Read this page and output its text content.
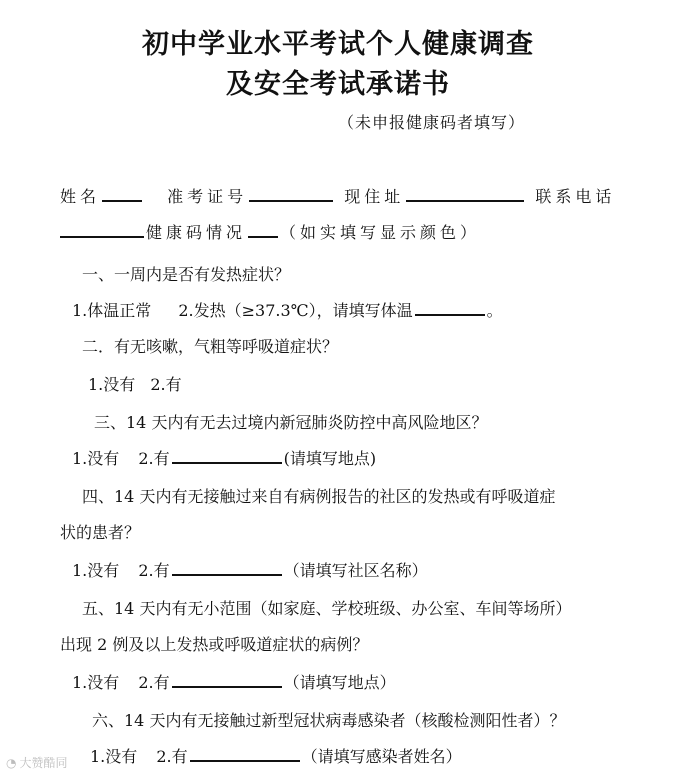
初中学业水平考试个人健康调查
及安全考试承诺书
（未申报健康码者填写）
姓名	准考证号	现住址	联系电话
健康码情况 （如实填写显示颜色）
一、一周内是否有发热症状？
1.体温正常 2.发热（≥37.3℃），请填写体温	。
二．有无咳嗽，气粗等呼吸道症状？
1.没有 2.有
三、14 天内有无去过境内新冠肺炎防控中高风险地区？
1.没有 2.有	(请填写地点)
四、14 天内有无接触过来自有病例报告的社区的发热或有呼吸道症
状的患者？
1.没有 2.有	（请填写社区名称）
五、14 天内有无小范围（如家庭、学校班级、办公室、车间等场所）
出现 2 例及以上发热或呼吸道症状的病例？
1.没有 2.有	（请填写地点）
六、14 天内有无接触过新型冠状病毒感染者（核酸检测阳性者）？
1.没有 2.有	（请填写感染者姓名）
◔ 大赞酷同
